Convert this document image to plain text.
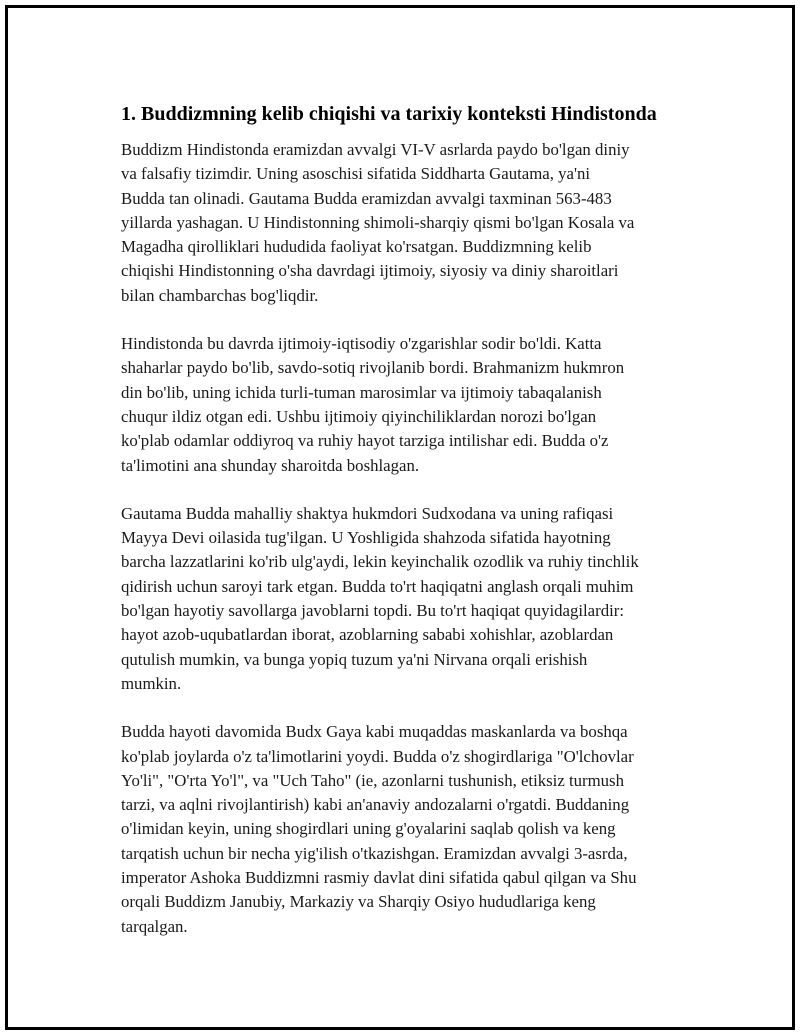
1. Buddizmning kelib chiqishi va tarixiy konteksti Hindistonda

Buddizm Hindistonda eramizdan avvalgi VI-V asrlarda paydo bo'lgan diniy
va falsafiy tizimdir. Uning asoschisi sifatida Siddharta Gautama, ya'ni
Budda tan olinadi. Gautama Budda eramizdan avvalgi taxminan 563-483
yillarda yashagan. U Hindistonning shimoli-sharqiy qismi bo'lgan Kosala va
Magadha qirolliklari hududida faoliyat ko'rsatgan. Buddizmning kelib
chiqishi Hindistonning o'sha davrdagi ijtimoiy, siyosiy va diniy sharoitlari
bilan chambarchas bog'liqdir.

Hindistonda bu davrda ijtimoiy-iqtisodiy o'zgarishlar sodir bo'ldi. Katta
shaharlar paydo bo'lib, savdo-sotiq rivojlanib bordi. Brahmanizm hukmron
din bo'lib, uning ichida turli-tuman marosimlar va ijtimoiy tabaqalanish
chuqur ildiz otgan edi. Ushbu ijtimoiy qiyinchiliklardan norozi bo'lgan
ko'plab odamlar oddiyroq va ruhiy hayot tarziga intilishar edi. Budda o'z
ta'limotini ana shunday sharoitda boshlagan.

Gautama Budda mahalliy shaktya hukmdori Sudxodana va uning rafiqasi
Mayya Devi oilasida tug'ilgan. U Yoshligida shahzoda sifatida hayotning
barcha lazzatlarini ko'rib ulg'aydi, lekin keyinchalik ozodlik va ruhiy tinchlik
qidirish uchun saroyi tark etgan. Budda to'rt haqiqatni anglash orqali muhim
bo'lgan hayotiy savollarga javoblarni topdi. Bu to'rt haqiqat quyidagilardir:
hayot azob-uqubatlardan iborat, azoblarning sababi xohishlar, azoblardan
qutulish mumkin, va bunga yopiq tuzum ya'ni Nirvana orqali erishish
mumkin.

Budda hayoti davomida Budx Gaya kabi muqaddas maskanlarda va boshqa
ko'plab joylarda o'z ta'limotlarini yoydi. Budda o'z shogirdlariga "O'lchovlar
Yo'li", "O'rta Yo'l", va "Uch Taho" (ie, azonlarni tushunish, etiksiz turmush
tarzi, va aqlni rivojlantirish) kabi an'anaviy andozalarni o'rgatdi. Buddaning
o'limidan keyin, uning shogirdlari uning g'oyalarini saqlab qolish va keng
tarqatish uchun bir necha yig'ilish o'tkazishgan. Eramizdan avvalgi 3-asrda,
imperator Ashoka Buddizmni rasmiy davlat dini sifatida qabul qilgan va Shu
orqali Buddizm Janubiy, Markaziy va Sharqiy Osiyo hududlariga keng
tarqalgan.
